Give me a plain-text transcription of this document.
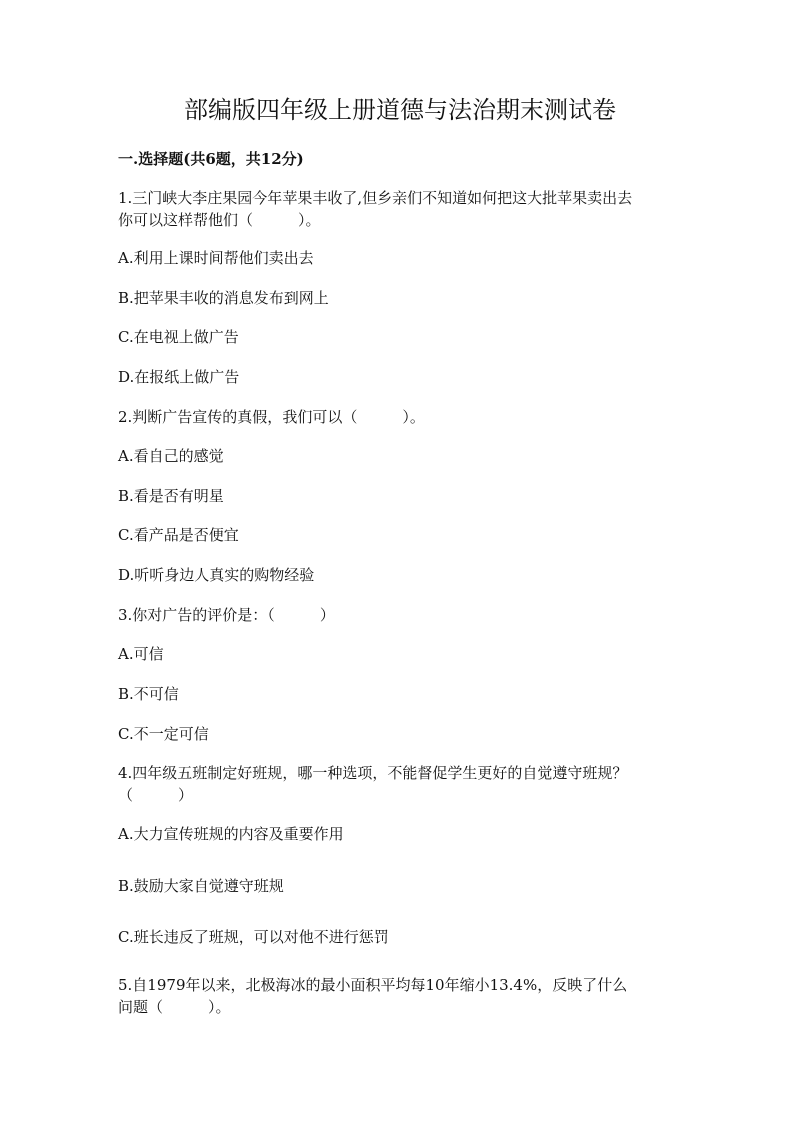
部编版四年级上册道德与法治期末测试卷
一.选择题(共6题，共12分)
1.三门峡大李庄果园今年苹果丰收了,但乡亲们不知道如何把这大批苹果卖出去
你可以这样帮他们（　　　）。
A.利用上课时间帮他们卖出去
B.把苹果丰收的消息发布到网上
C.在电视上做广告
D.在报纸上做广告
2.判断广告宣传的真假，我们可以（　　　）。
A.看自己的感觉
B.看是否有明星
C.看产品是否便宜
D.听听身边人真实的购物经验
3.你对广告的评价是：（　　　）
A.可信
B.不可信
C.不一定可信
4.四年级五班制定好班规，哪一种选项，不能督促学生更好的自觉遵守班规？
（　　　）
A.大力宣传班规的内容及重要作用
B.鼓励大家自觉遵守班规
C.班长违反了班规，可以对他不进行惩罚
5.自1979年以来，北极海冰的最小面积平均每10年缩小13.4%，反映了什么
问题（　　　）。
